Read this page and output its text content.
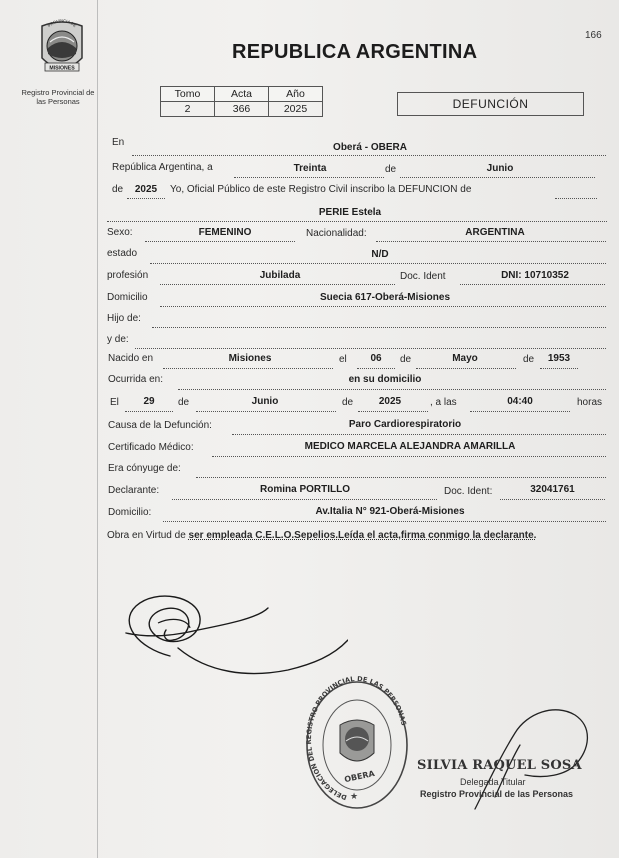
166
MISIONES
PROVINCIA DE
Registro Provincial de
las Personas
REPUBLICA ARGENTINA
Tomo	Acta	Año
2	366	2025	DEFUNCIÓN
En	Oberá - OBERA
República Argentina, a	Treinta	de	Junio
de	2025	Yo, Oficial Público de este Registro Civil inscribo la DEFUNCION de
PERIE Estela
Sexo:	FEMENINO	Nacionalidad:	ARGENTINA
estado	N/D
profesión	Jubilada	Doc. Ident	DNI: 10710352
Domicilio	Suecia 617-Oberá-Misiones
Hijo de:
y de:
Nacido en	Misiones	el	06	de	Mayo	de	1953
Ocurrida en:	en su domicilio
El	29	de	Junio	de	2025	, a las	04:40	horas
Causa de la Defunción:	Paro Cardiorespiratorio
Certificado Médico:	MEDICO MARCELA ALEJANDRA AMARILLA
Era cónyuge de:
Declarante:	Romina PORTILLO	Doc. Ident:	32041761
Domicilio:	Av.Italia N° 921-Oberá-Misiones
Obra en Virtud de ser empleada C.E.L.O.Sepelios.Leída el acta,firma conmigo la declarante.
DELEGACION DEL REGISTRO PROVINCIAL DE LAS PERSONAS
OBERA
★
SILVIA RAQUEL SOSA
Delegada Titular
Registro Provincial de las Personas
